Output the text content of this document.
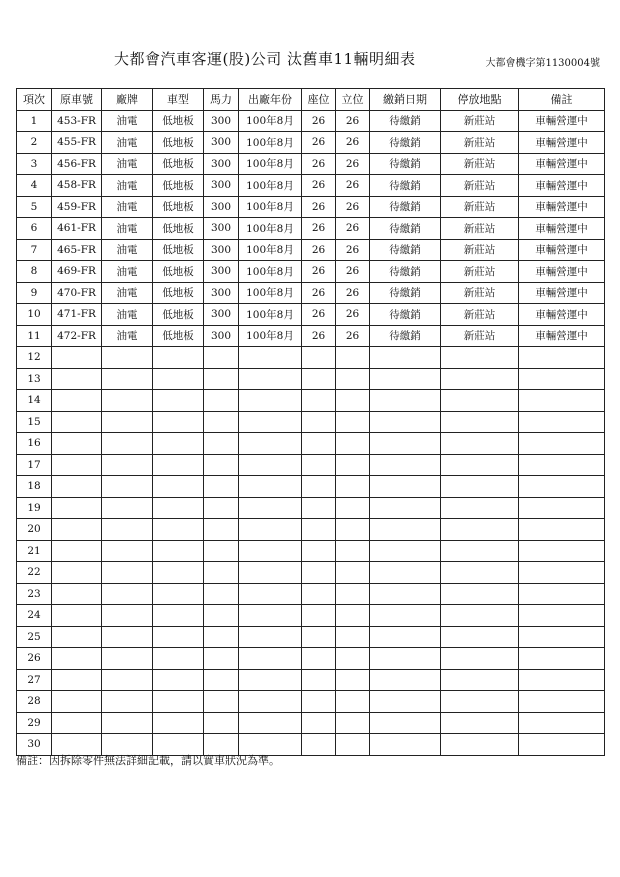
大都會汽車客運(股)公司 汰舊車11輛明細表	大都會機字第1130004號
項次	原車號	廠牌	車型	馬力	出廠年份	座位	立位	繳銷日期	停放地點	備註
1	453-FR	油電	低地板	300	100年8月	26	26	待繳銷	新莊站	車輛營運中
2	455-FR	油電	低地板	300	100年8月	26	26	待繳銷	新莊站	車輛營運中
3	456-FR	油電	低地板	300	100年8月	26	26	待繳銷	新莊站	車輛營運中
4	458-FR	油電	低地板	300	100年8月	26	26	待繳銷	新莊站	車輛營運中
5	459-FR	油電	低地板	300	100年8月	26	26	待繳銷	新莊站	車輛營運中
6	461-FR	油電	低地板	300	100年8月	26	26	待繳銷	新莊站	車輛營運中
7	465-FR	油電	低地板	300	100年8月	26	26	待繳銷	新莊站	車輛營運中
8	469-FR	油電	低地板	300	100年8月	26	26	待繳銷	新莊站	車輛營運中
9	470-FR	油電	低地板	300	100年8月	26	26	待繳銷	新莊站	車輛營運中
10	471-FR	油電	低地板	300	100年8月	26	26	待繳銷	新莊站	車輛營運中
11	472-FR	油電	低地板	300	100年8月	26	26	待繳銷	新莊站	車輛營運中
12										
13										
14										
15										
16										
17										
18										
19										
20										
21										
22										
23										
24										
25										
26										
27										
28										
29										
30										
備註：因拆除零件無法詳細記載，請以實車狀況為準。
